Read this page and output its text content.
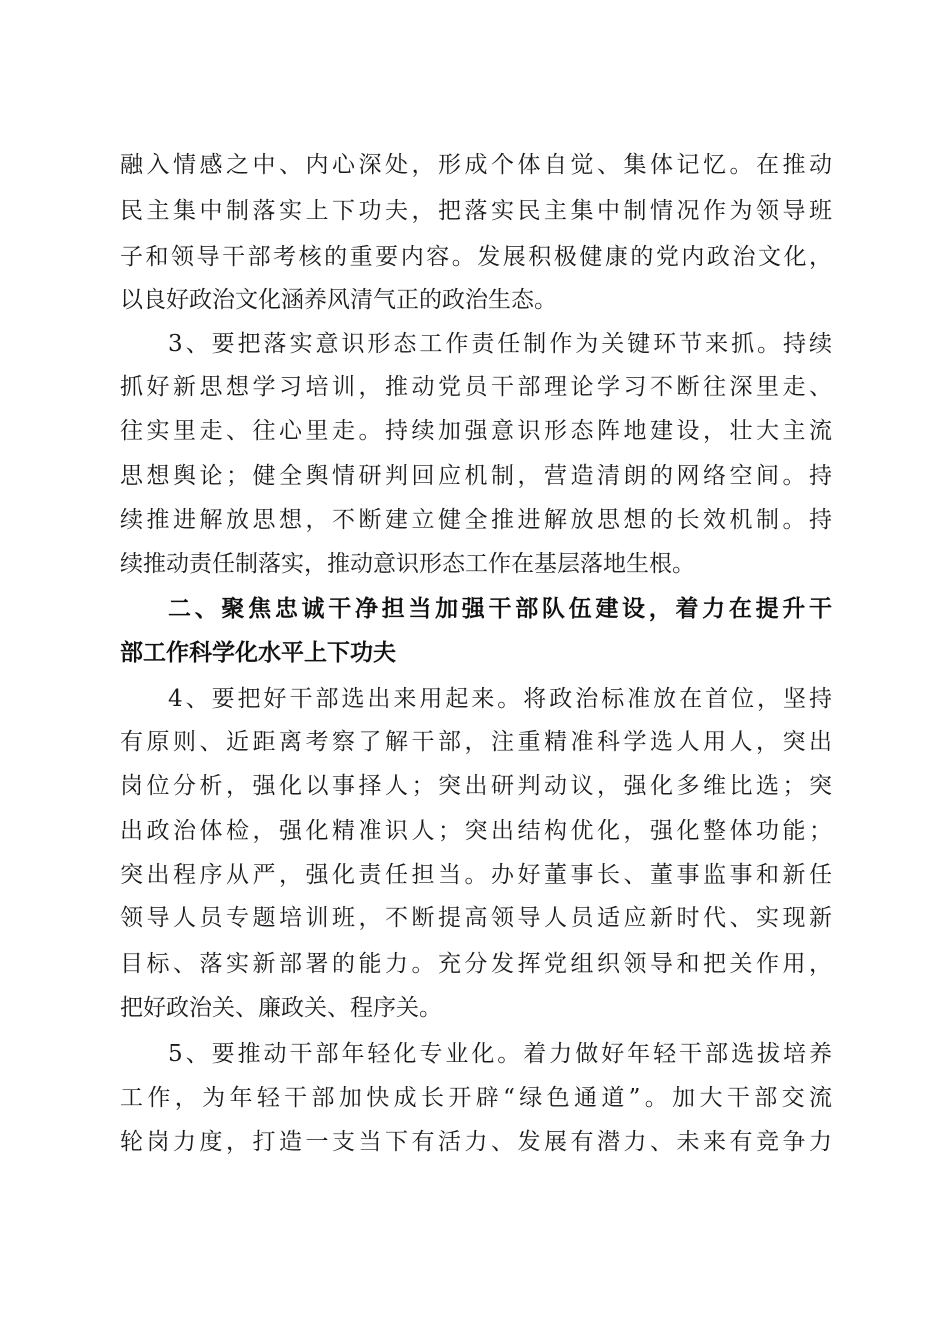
融入情感之中、内心深处，形成个体自觉、集体记忆。在推动

民主集中制落实上下功夫，把落实民主集中制情况作为领导班

子和领导干部考核的重要内容。发展积极健康的党内政治文化，

以良好政治文化涵养风清气正的政治生态。

3、要把落实意识形态工作责任制作为关键环节来抓。持续

抓好新思想学习培训，推动党员干部理论学习不断往深里走、

往实里走、往心里走。持续加强意识形态阵地建设，壮大主流

思想舆论；健全舆情研判回应机制，营造清朗的网络空间。持

续推进解放思想，不断建立健全推进解放思想的长效机制。持

续推动责任制落实，推动意识形态工作在基层落地生根。

二、聚焦忠诚干净担当加强干部队伍建设，着力在提升干

部工作科学化水平上下功夫

4、要把好干部选出来用起来。将政治标准放在首位，坚持

有原则、近距离考察了解干部，注重精准科学选人用人，突出

岗位分析，强化以事择人；突出研判动议，强化多维比选；突

出政治体检，强化精准识人；突出结构优化，强化整体功能；

突出程序从严，强化责任担当。办好董事长、董事监事和新任

领导人员专题培训班，不断提高领导人员适应新时代、实现新

目标、落实新部署的能力。充分发挥党组织领导和把关作用，

把好政治关、廉政关、程序关。

5、要推动干部年轻化专业化。着力做好年轻干部选拔培养

工作，为年轻干部加快成长开辟“绿色通道”。加大干部交流

轮岗力度，打造一支当下有活力、发展有潜力、未来有竞争力
